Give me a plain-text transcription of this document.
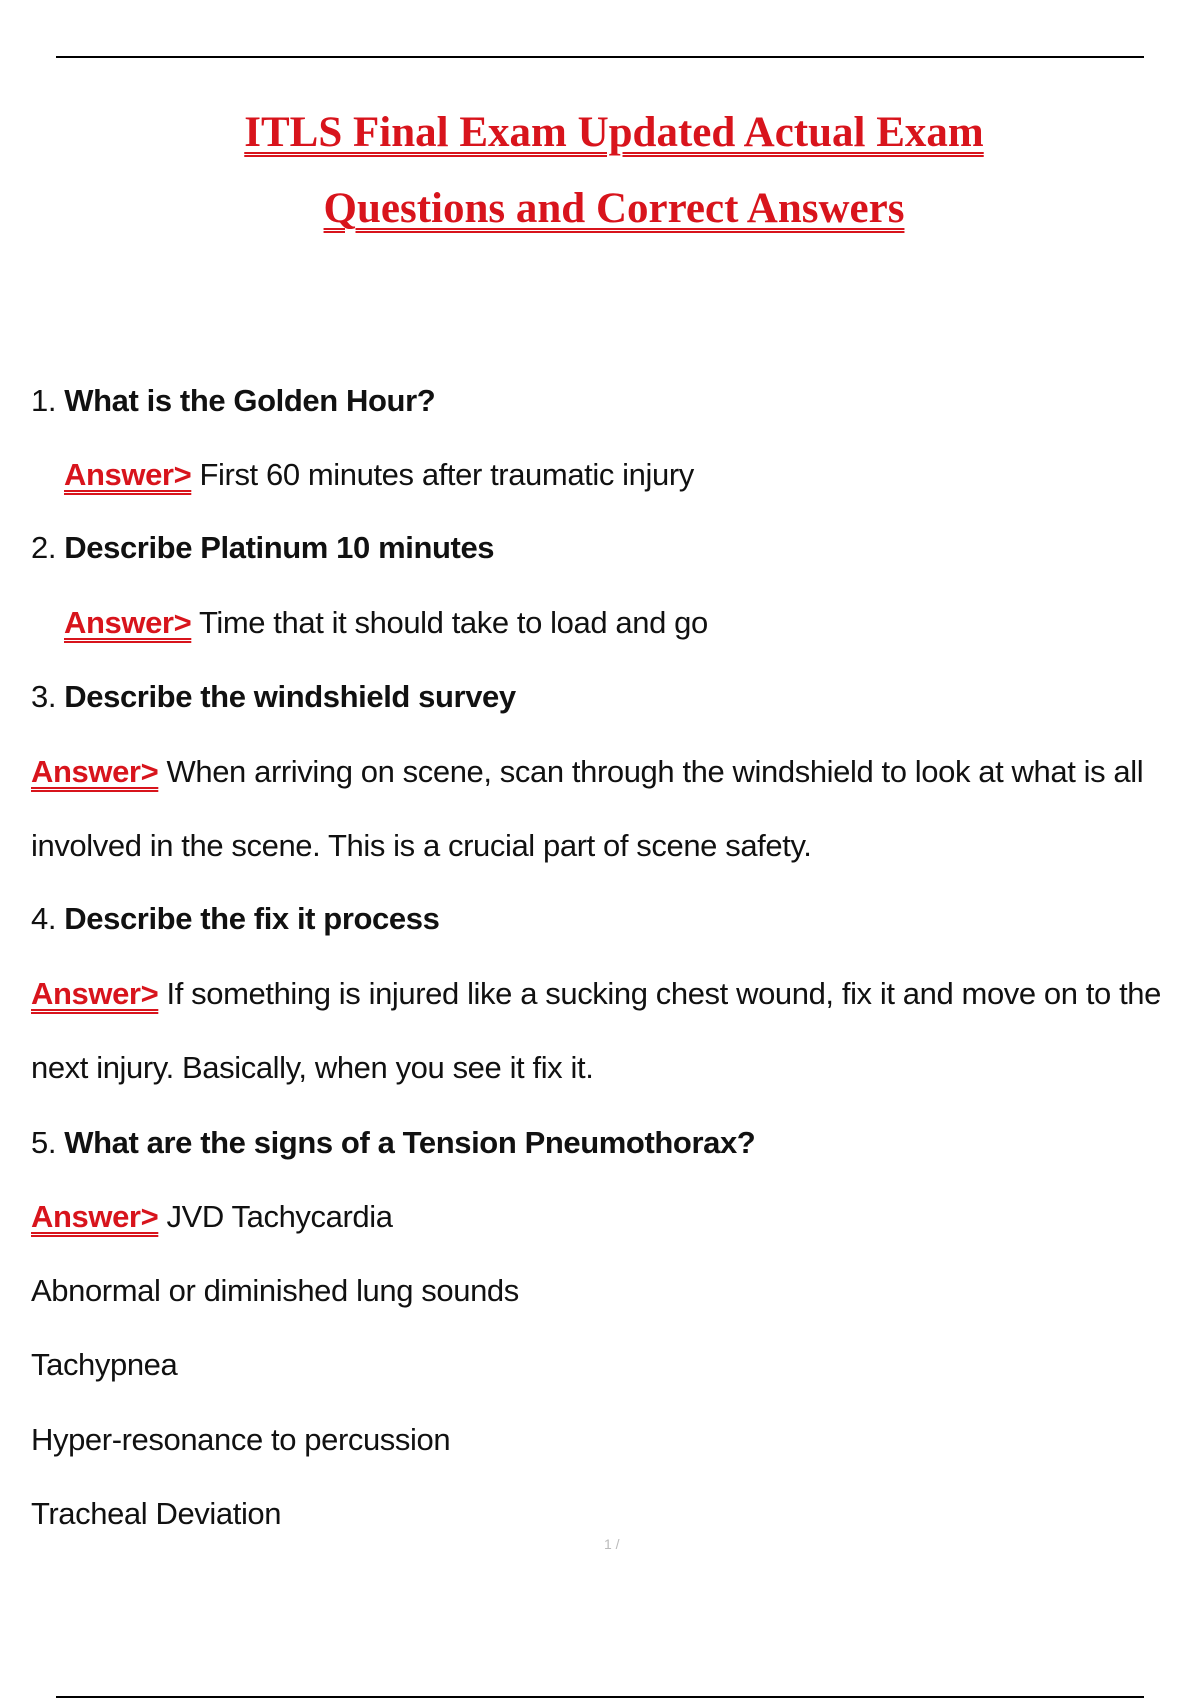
ITLS Final Exam Updated Actual Exam
Questions and Correct Answers
1. What is the Golden Hour?
Answer> First 60 minutes after traumatic injury
2. Describe Platinum 10 minutes
Answer> Time that it should take to load and go
3. Describe the windshield survey
Answer> When arriving on scene, scan through the windshield to look at what is all
involved in the scene. This is a crucial part of scene safety.
4. Describe the fix it process
Answer> If something is injured like a sucking chest wound, fix it and move on to the
next injury. Basically, when you see it fix it.
5. What are the signs of a Tension Pneumothorax?
Answer> JVD Tachycardia
Abnormal or diminished lung sounds
Tachypnea
Hyper-resonance to percussion
Tracheal Deviation
1 /
